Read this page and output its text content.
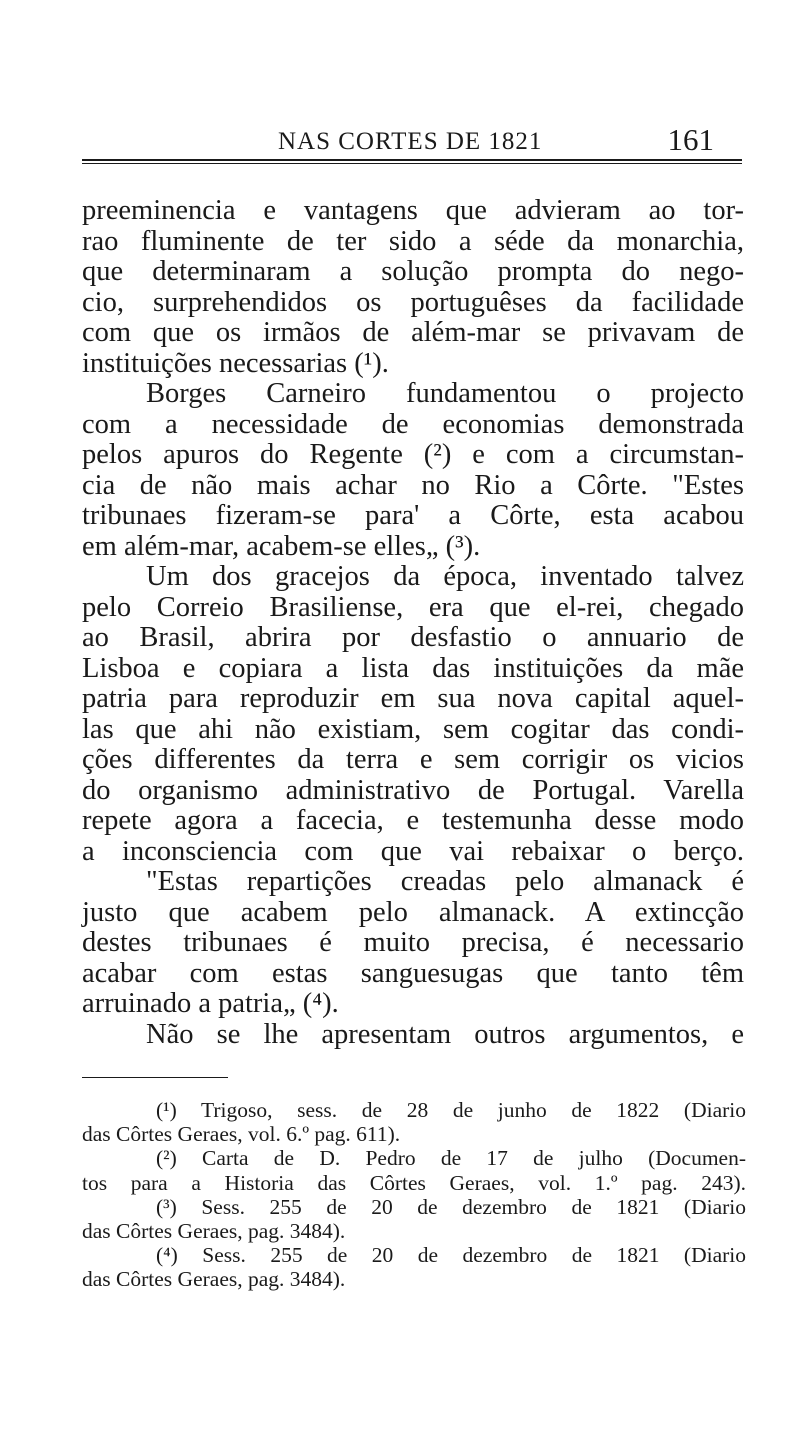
NAS CORTES DE 1821	161
preeminencia e vantagens que advieram ao tor-
rao fluminente de ter sido a séde da monarchia,
que determinaram a solução prompta do nego-
cio, surprehendidos os portuguêses da facilidade
com que os irmãos de além-mar se privavam de
instituições necessarias (¹).
Borges Carneiro fundamentou o projecto
com a necessidade de economias demonstrada
pelos apuros do Regente (²) e com a circumstan-
cia de não mais achar no Rio a Côrte. "Estes
tribunaes fizeram-se para' a Côrte, esta acabou
em além-mar, acabem-se elles„ (³).
Um dos gracejos da época, inventado talvez
pelo Correio Brasiliense, era que el-rei, chegado
ao Brasil, abrira por desfastio o annuario de
Lisboa e copiara a lista das instituições da mãe
patria para reproduzir em sua nova capital aquel-
las que ahi não existiam, sem cogitar das condi-
ções differentes da terra e sem corrigir os vicios
do organismo administrativo de Portugal. Varella
repete agora a facecia, e testemunha desse modo
a inconsciencia com que vai rebaixar o berço.
"Estas repartições creadas pelo almanack é
justo que acabem pelo almanack. A extincção
destes tribunaes é muito precisa, é necessario
acabar com estas sanguesugas que tanto têm
arruinado a patria„ (⁴).
Não se lhe apresentam outros argumentos, e
(¹) Trigoso, sess. de 28 de junho de 1822 (Diario
das Côrtes Geraes, vol. 6.º pag. 611).
(²) Carta de D. Pedro de 17 de julho (Documen-
tos para a Historia das Côrtes Geraes, vol. 1.º pag. 243).
(³) Sess. 255 de 20 de dezembro de 1821 (Diario
das Côrtes Geraes, pag. 3484).
(⁴) Sess. 255 de 20 de dezembro de 1821 (Diario
das Côrtes Geraes, pag. 3484).
